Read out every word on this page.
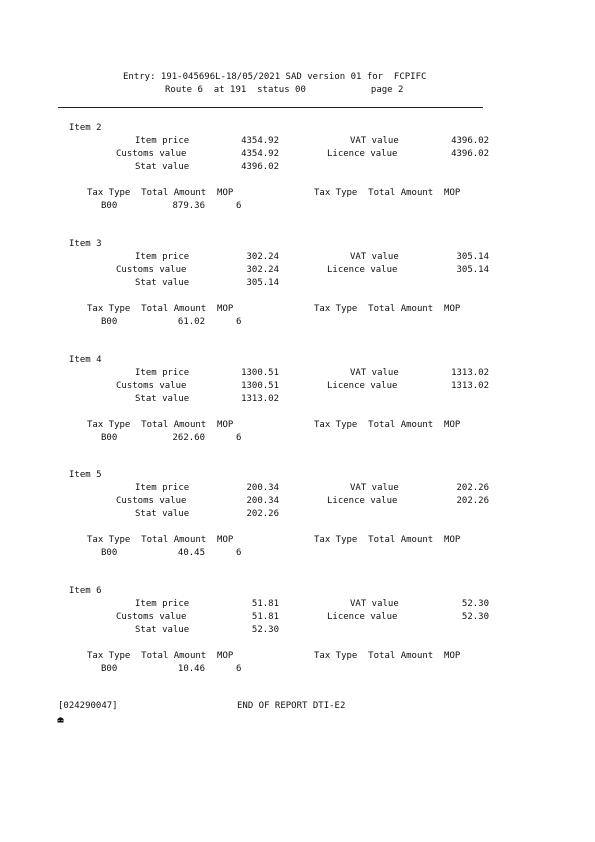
Entry: 191-045696L-18/05/2021 SAD version 01 for  FCPIFC
Route 6  at 191  status 00            page 2
Item 2
Item price	4354.92	VAT value	4396.02
Customs value	4354.92	Licence value	4396.02
Stat value	4396.02
Tax Type  Total Amount  MOP	Tax Type  Total Amount  MOP
B00	879.36	6
Item 3
Item price	302.24	VAT value	305.14
Customs value	302.24	Licence value	305.14
Stat value	305.14
Tax Type  Total Amount  MOP	Tax Type  Total Amount  MOP
B00	61.02	6
Item 4
Item price	1300.51	VAT value	1313.02
Customs value	1300.51	Licence value	1313.02
Stat value	1313.02
Tax Type  Total Amount  MOP	Tax Type  Total Amount  MOP
B00	262.60	6
Item 5
Item price	200.34	VAT value	202.26
Customs value	200.34	Licence value	202.26
Stat value	202.26
Tax Type  Total Amount  MOP	Tax Type  Total Amount  MOP
B00	40.45	6
Item 6
Item price	51.81	VAT value	52.30
Customs value	51.81	Licence value	52.30
Stat value	52.30
Tax Type  Total Amount  MOP	Tax Type  Total Amount  MOP
B00	10.46	6
[024290047]	END OF REPORT DTI-E2
